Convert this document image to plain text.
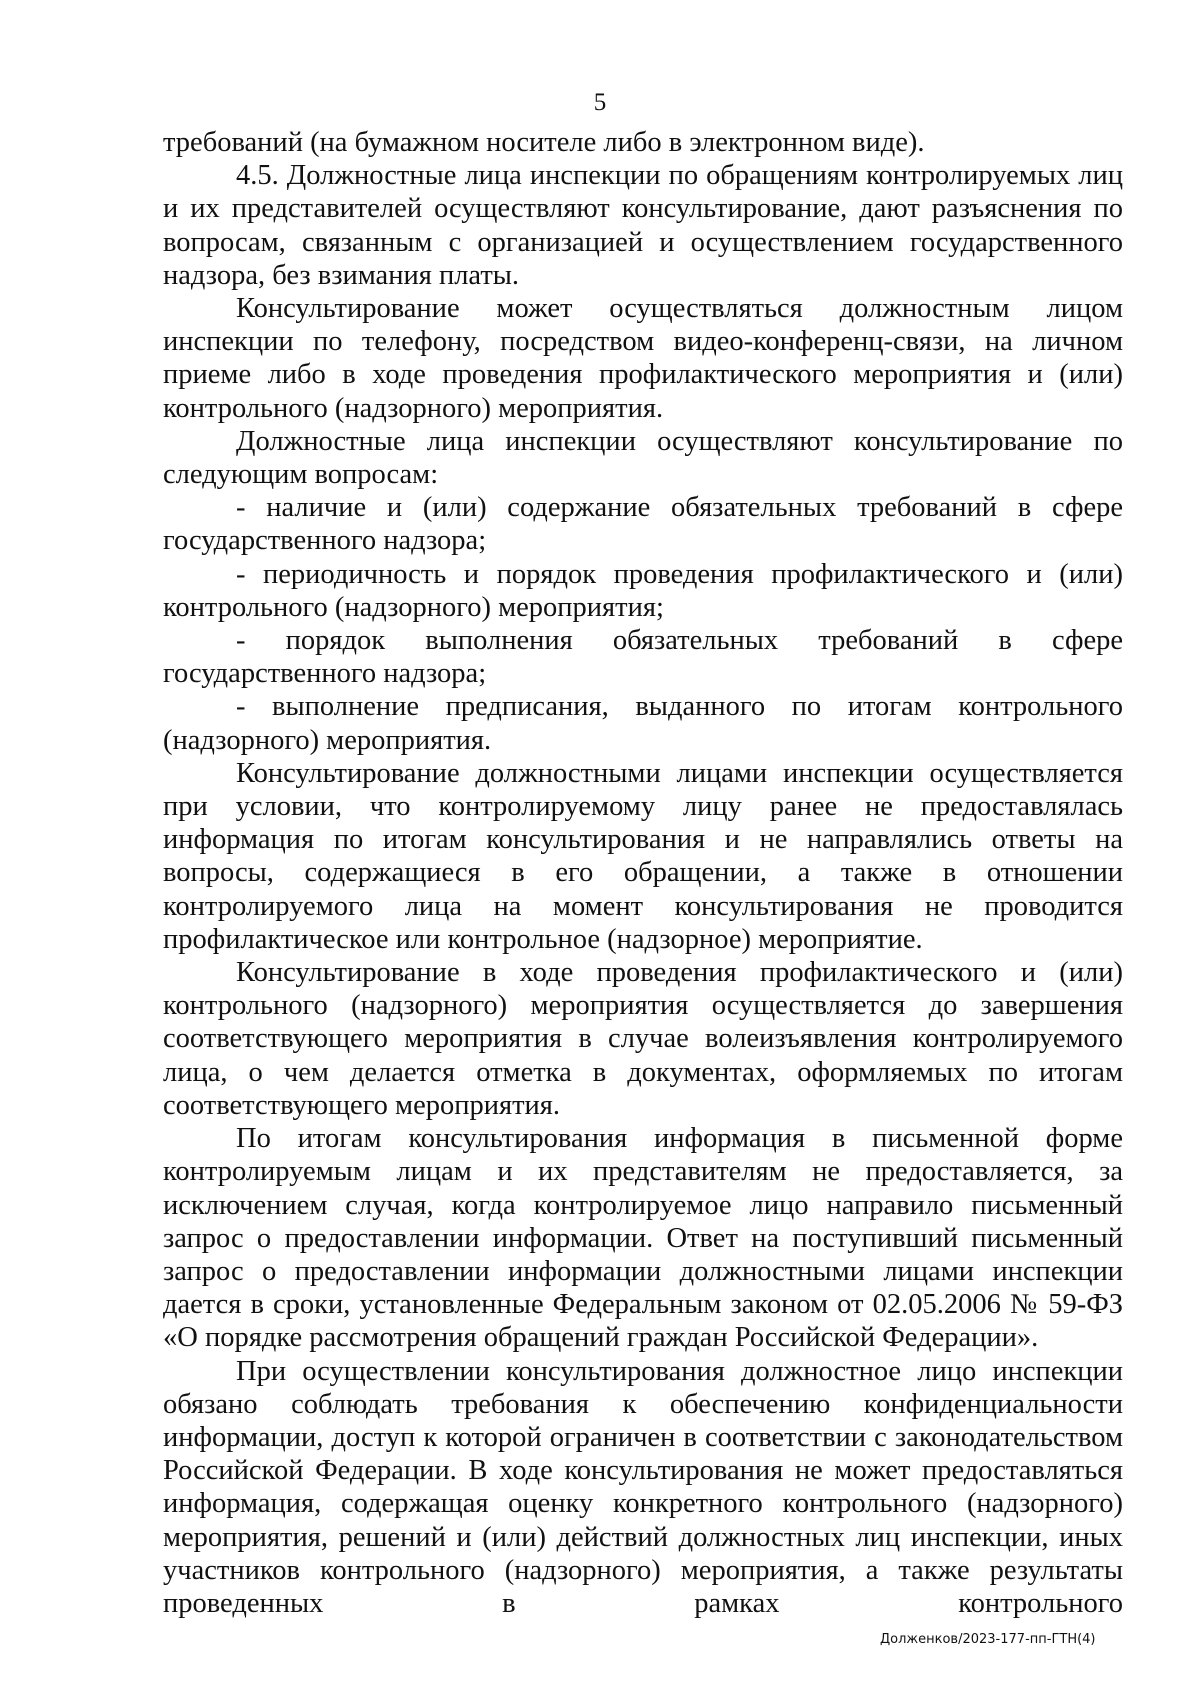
5

требований (на бумажном носителе либо в электронном виде).

4.5. Должностные лица инспекции по обращениям контролируемых лиц и их представителей осуществляют консультирование, дают разъяснения по вопросам, связанным с организацией и осуществлением государственного надзора, без взимания платы.

Консультирование может осуществляться должностным лицом инспекции по телефону, посредством видео-конференц-связи, на личном приеме либо в ходе проведения профилактического мероприятия и (или) контрольного (надзорного) мероприятия.

Должностные лица инспекции осуществляют консультирование по следующим вопросам:

- наличие и (или) содержание обязательных требований в сфере государственного надзора;

- периодичность и порядок проведения профилактического и (или) контрольного (надзорного) мероприятия;

- порядок выполнения обязательных требований в сфере государственного надзора;

- выполнение предписания, выданного по итогам контрольного (надзорного) мероприятия.

Консультирование должностными лицами инспекции осуществляется при условии, что контролируемому лицу ранее не предоставлялась информация по итогам консультирования и не направлялись ответы на вопросы, содержащиеся в его обращении, а также в отношении контролируемого лица на момент консультирования не проводится профилактическое или контрольное (надзорное) мероприятие.

Консультирование в ходе проведения профилактического и (или) контрольного (надзорного) мероприятия осуществляется до завершения соответствующего мероприятия в случае волеизъявления контролируемого лица, о чем делается отметка в документах, оформляемых по итогам соответствующего мероприятия.

По итогам консультирования информация в письменной форме контролируемым лицам и их представителям не предоставляется, за исключением случая, когда контролируемое лицо направило письменный запрос о предоставлении информации. Ответ на поступивший письменный запрос о предоставлении информации должностными лицами инспекции дается в сроки, установленные Федеральным законом от 02.05.2006 № 59-ФЗ «О порядке рассмотрения обращений граждан Российской Федерации».

При осуществлении консультирования должностное лицо инспекции обязано соблюдать требования к обеспечению конфиденциальности информации, доступ к которой ограничен в соответствии с законодательством Российской Федерации. В ходе консультирования не может предоставляться информация, содержащая оценку конкретного контрольного (надзорного) мероприятия, решений и (или) действий должностных лиц инспекции, иных участников контрольного (надзорного) мероприятия, а также результаты проведенных в рамках контрольного

Долженков/2023-177-пп-ГТН(4)
